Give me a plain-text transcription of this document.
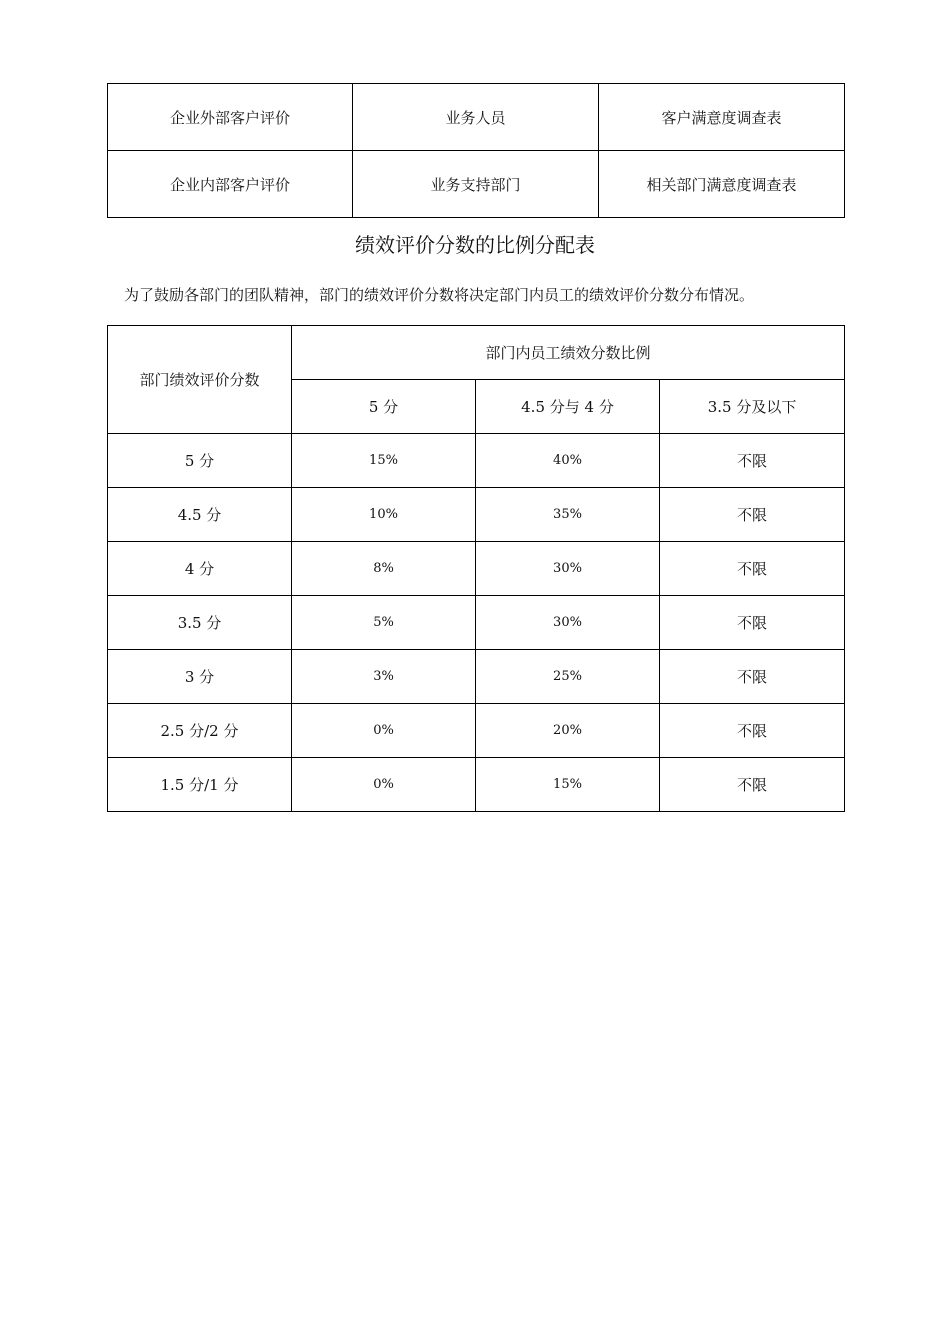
企业外部客户评价	业务人员	客户满意度调查表
企业内部客户评价	业务支持部门	相关部门满意度调查表
绩效评价分数的比例分配表
为了鼓励各部门的团队精神，部门的绩效评价分数将决定部门内员工的绩效评价分数分布情况。
部门绩效评价分数	部门内员工绩效分数比例		
	5 分	4.5 分与 4 分	3.5 分及以下
5 分	15%	40%	不限
4.5 分	10%	35%	不限
4 分	8%	30%	不限
3.5 分	5%	30%	不限
3 分	3%	25%	不限
2.5 分/2 分	0%	20%	不限
1.5 分/1 分	0%	15%	不限
